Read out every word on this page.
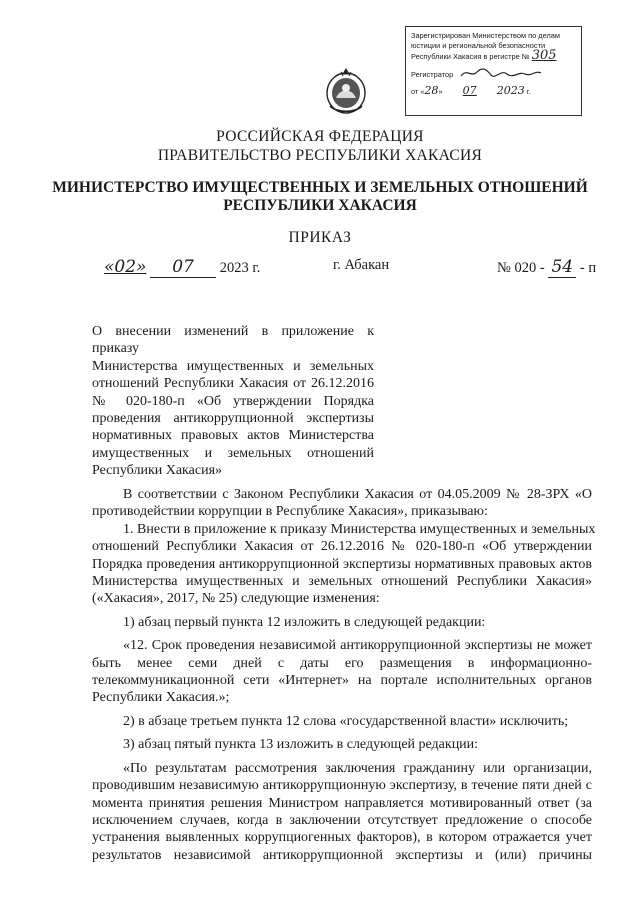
Зарегистрирован Министерством по делам
юстиции и региональной безопасности
Республики Хакасия в регистре № 305
Регистратор
от «28» 07 2023 г.
РОССИЙСКАЯ ФЕДЕРАЦИЯ
ПРАВИТЕЛЬСТВО РЕСПУБЛИКИ ХАКАСИЯ
МИНИСТЕРСТВО ИМУЩЕСТВЕННЫХ И ЗЕМЕЛЬНЫХ ОТНОШЕНИЙ
РЕСПУБЛИКИ ХАКАСИЯ
ПРИКАЗ
«02» 07 2023 г.	г. Абакан	№ 020 - 54 - п
О внесении изменений в приложение к приказу
Министерства имущественных и земельных
отношений Республики Хакасия от 26.12.2016
№ 020-180-п «Об утверждении Порядка
проведения антикоррупционной экспертизы
нормативных правовых актов Министерства
имущественных и земельных отношений
Республики Хакасия»

В соответствии с Законом Республики Хакасия от 04.05.2009 № 28-ЗРХ «О
противодействии коррупции в Республике Хакасия», приказываю:

1. Внести в приложение к приказу Министерства имущественных и земельных
отношений Республики Хакасия от 26.12.2016 № 020-180-п «Об утверждении
Порядка проведения антикоррупционной экспертизы нормативных правовых актов
Министерства имущественных и земельных отношений Республики Хакасия»
(«Хакасия», 2017, № 25) следующие изменения:

1) абзац первый пункта 12 изложить в следующей редакции:

«12. Срок проведения независимой антикоррупционной экспертизы не может
быть менее семи дней с даты его размещения в информационно-
телекоммуникационной сети «Интернет» на портале исполнительных органов
Республики Хакасия.»;

2) в абзаце третьем пункта 12 слова «государственной власти» исключить;

3) абзац пятый пункта 13 изложить в следующей редакции:

«По результатам рассмотрения заключения гражданину или организации,
проводившим независимую антикоррупционную экспертизу, в течение пяти дней с
момента принятия решения Министром направляется мотивированный ответ (за
исключением случаев, когда в заключении отсутствует предложение о способе
устранения выявленных коррупциогенных факторов), в котором отражается учет
результатов независимой антикоррупционной экспертизы и (или) причины
